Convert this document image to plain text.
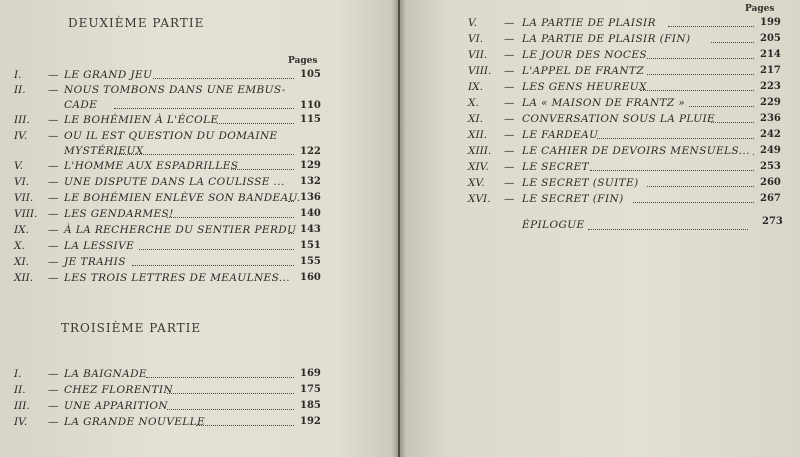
DEUXIÈME PARTIE
Pages
I.	— LE GRAND JEU	105
II. — NOUS TOMBONS DANS UNE EMBUS-
CADE	110
III. — LE BOHÉMIEN À L'ÉCOLE	115
IV. — OU IL EST QUESTION DU DOMAINE
MYSTÉRIEUX	122
V. — L'HOMME AUX ESPADRILLES	129
VI. — UNE DISPUTE DANS LA COULISSE ... 132
VII. — LE BOHÉMIEN ENLÈVE SON BANDEAU. 136
VIII. — LES GENDARMES!	140
IX. — À LA RECHERCHE DU SENTIER PERDU 143
X. — LA LESSIVE	151
XI. — JE TRAHIS	155
XII. — LES TROIS LETTRES DE MEAULNES... 160
TROISIÈME PARTIE
I.	— LA BAIGNADE	169
II. — CHEZ FLORENTIN	175
III. — UNE APPARITION	185
IV. — LA GRANDE NOUVELLE	192
Pages
V.	— LA PARTIE DE PLAISIR	199
VI. — LA PARTIE DE PLAISIR (FIN)	205
VII. — LE JOUR DES NOCES	214
VIII. — L'APPEL DE FRANTZ	217
IX. — LES GENS HEUREUX	223
X. — LA « MAISON DE FRANTZ »	229
XI. — CONVERSATION SOUS LA PLUIE	236
XII. — LE FARDEAU	242
XIII. — LE CAHIER DE DEVOIRS MENSUELS... 249
XIV. — LE SECRET	253
XV. — LE SECRET (SUITE)	260
XVI. — LE SECRET (FIN)	267
ÉPILOGUE	273
